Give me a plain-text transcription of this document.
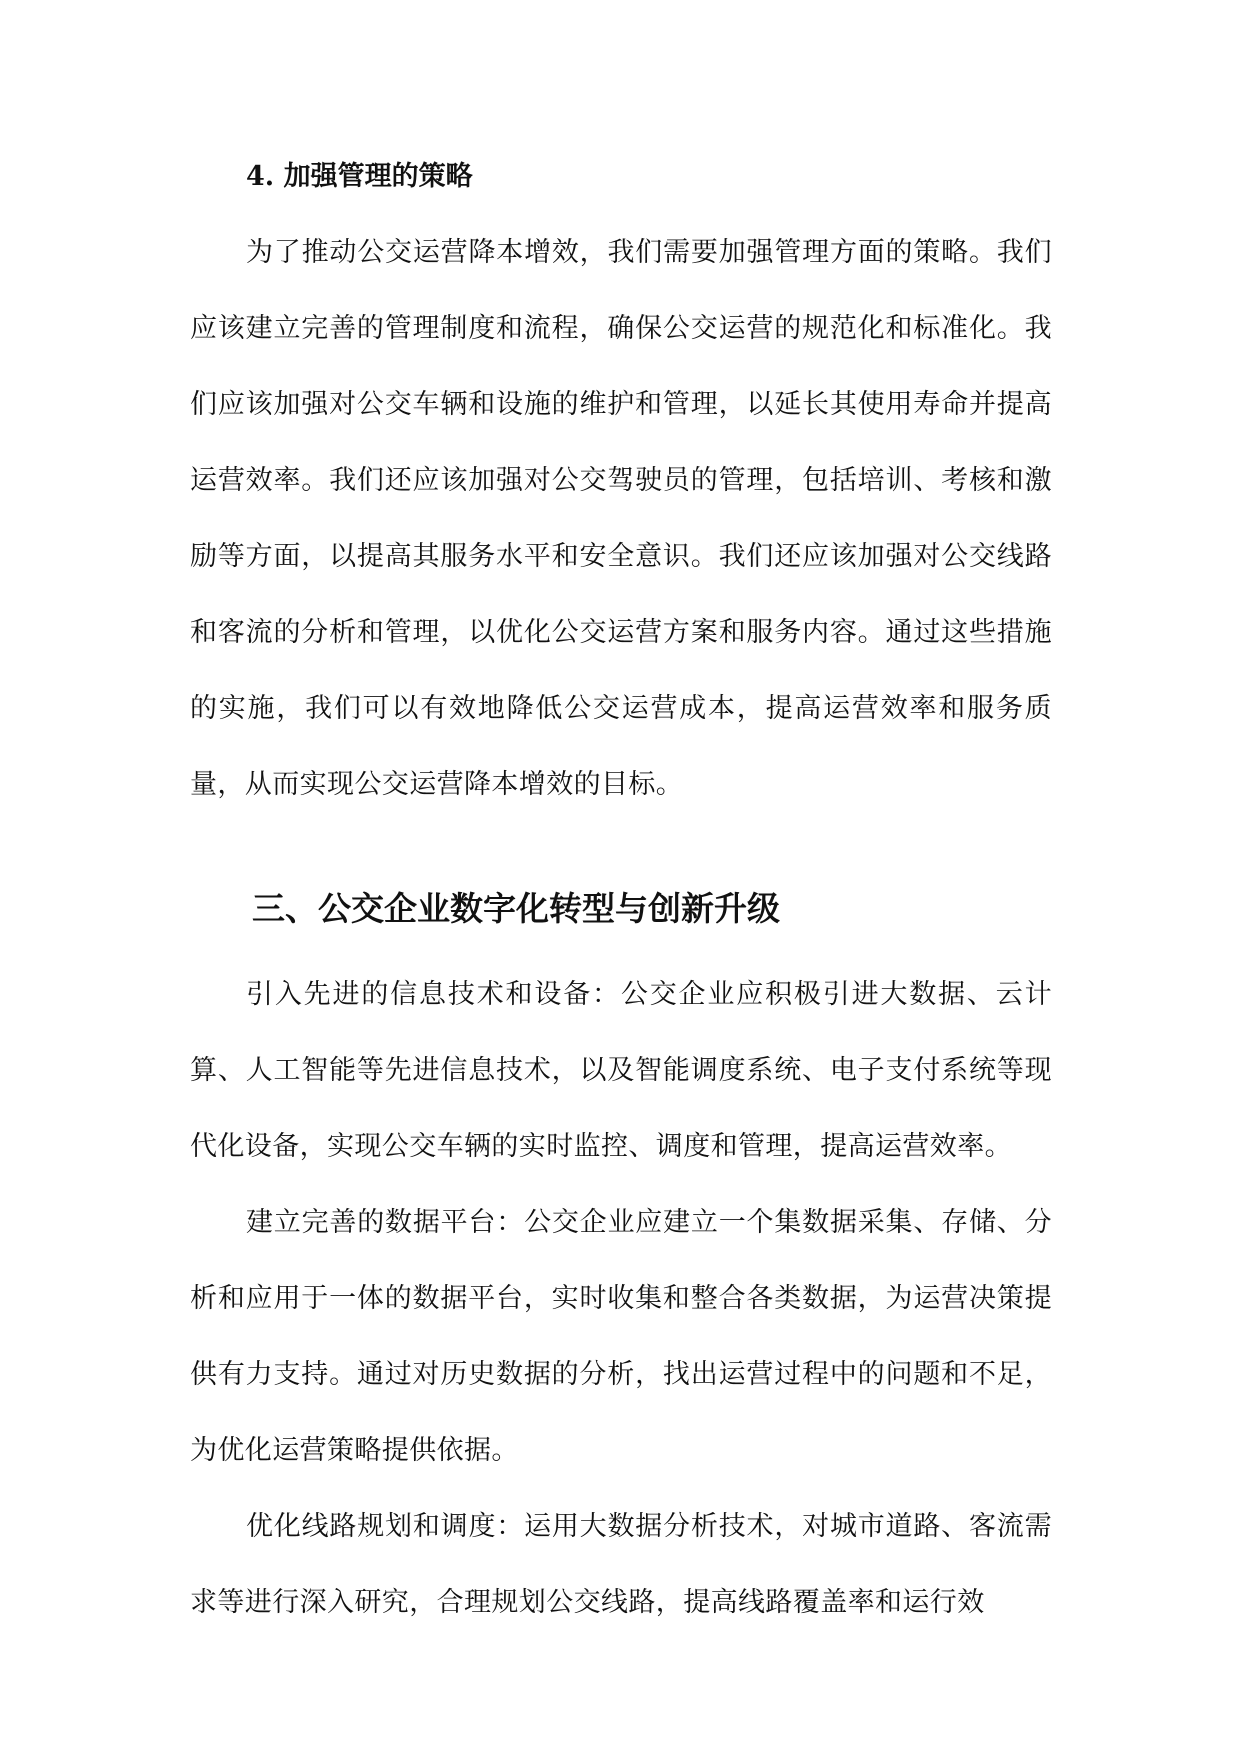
4. 加强管理的策略

为了推动公交运营降本增效，我们需要加强管理方面的策略。我们应该建立完善的管理制度和流程，确保公交运营的规范化和标准化。我们应该加强对公交车辆和设施的维护和管理，以延长其使用寿命并提高运营效率。我们还应该加强对公交驾驶员的管理，包括培训、考核和激励等方面，以提高其服务水平和安全意识。我们还应该加强对公交线路和客流的分析和管理，以优化公交运营方案和服务内容。通过这些措施的实施，我们可以有效地降低公交运营成本，提高运营效率和服务质量，从而实现公交运营降本增效的目标。

三、公交企业数字化转型与创新升级

引入先进的信息技术和设备：公交企业应积极引进大数据、云计算、人工智能等先进信息技术，以及智能调度系统、电子支付系统等现代化设备，实现公交车辆的实时监控、调度和管理，提高运营效率。

建立完善的数据平台：公交企业应建立一个集数据采集、存储、分析和应用于一体的数据平台，实时收集和整合各类数据，为运营决策提供有力支持。通过对历史数据的分析，找出运营过程中的问题和不足，为优化运营策略提供依据。

优化线路规划和调度：运用大数据分析技术，对城市道路、客流需求等进行深入研究，合理规划公交线路，提高线路覆盖率和运行效
